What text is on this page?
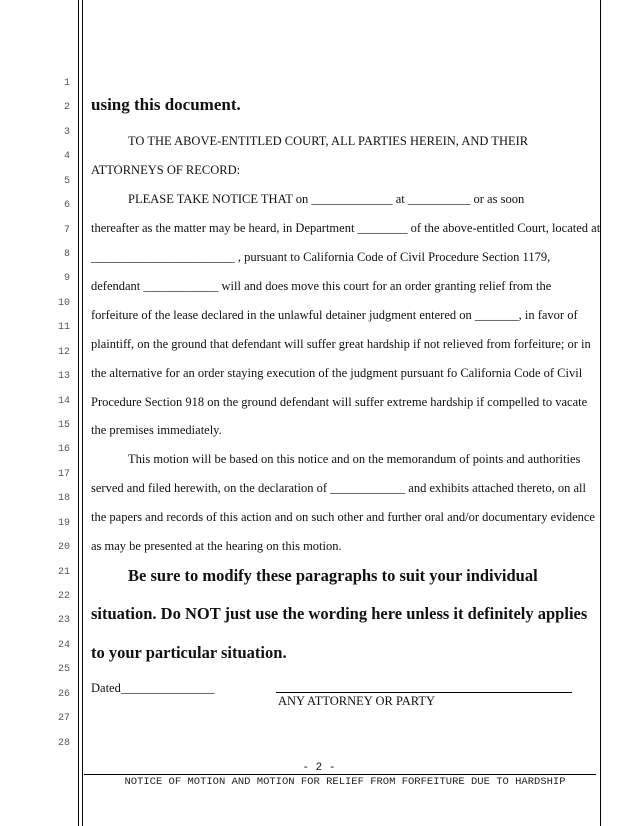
1
2
3
4
5
6
7
8
9
10
11
12
13
14
15
16
17
18
19
20
21
22
23
24
25
26
27
28
using this document.
TO THE ABOVE-ENTITLED COURT, ALL PARTIES HEREIN, AND THEIR
ATTORNEYS OF RECORD:
PLEASE TAKE NOTICE THAT on _____________ at __________ or as soon
thereafter as the matter may be heard, in Department ________ of the above-entitled Court, located at
_______________________ , pursuant to California Code of Civil Procedure Section 1179,
defendant ____________ will and does move this court for an order granting relief from the
forfeiture of the lease declared in the unlawful detainer judgment entered on _______, in favor of
plaintiff, on the ground that defendant will suffer great hardship if not relieved from forfeiture; or in
the alternative for an order staying execution of the judgment pursuant fo California Code of Civil
Procedure Section 918 on the ground defendant will suffer extreme hardship if compelled to vacate
the premises immediately.
This motion will be based on this notice and on the memorandum of points and authorities
served and filed herewith, on the declaration of ____________ and exhibits attached thereto, on all
the papers and records of this action and on such other and further oral and/or documentary evidence
as may be presented at the hearing on this motion.
Be sure to modify these paragraphs to suit your individual
situation. Do NOT just use the wording here unless it definitely applies
to your particular situation.
Dated_______________
ANY ATTORNEY OR PARTY
- 2 -
NOTICE OF MOTION AND MOTION FOR RELIEF FROM FORFEITURE DUE TO HARDSHIP
